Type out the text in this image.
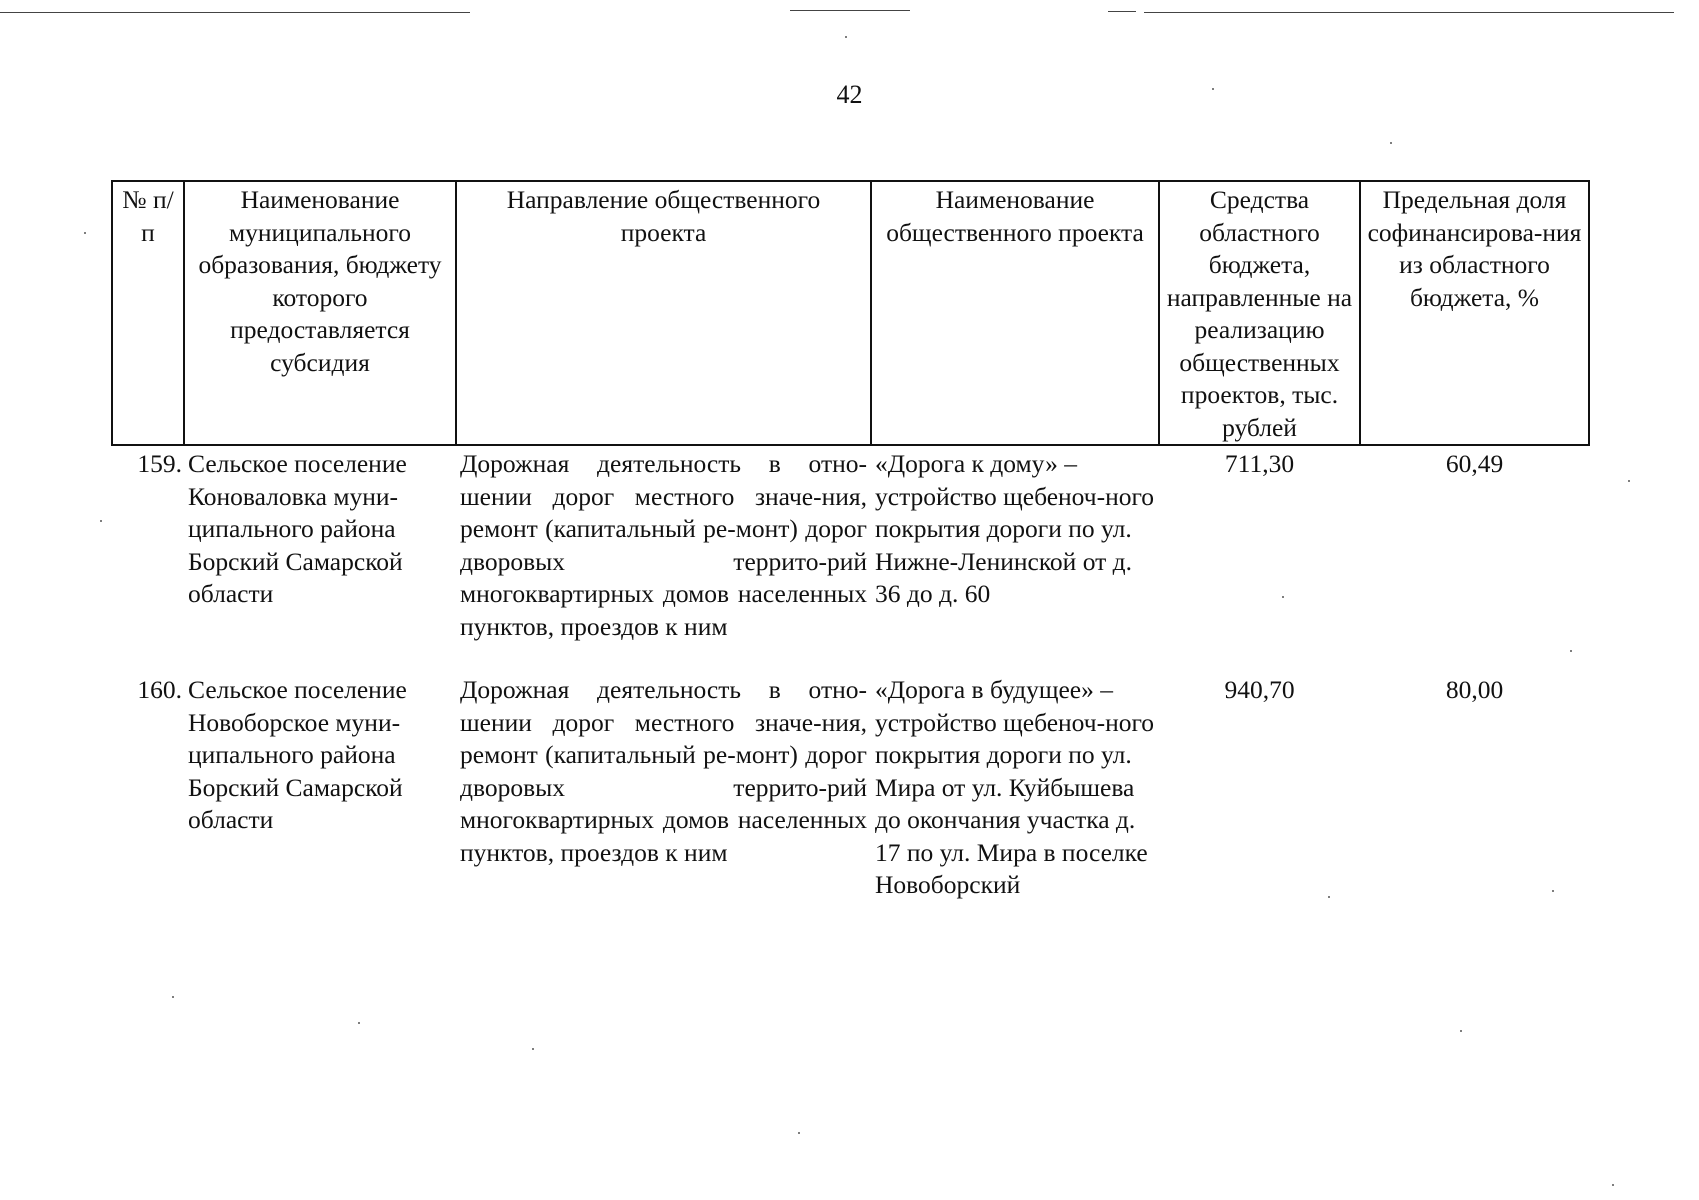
42
№ п/п	Наименование муниципального образования, бюджету которого предоставляется субсидия	Направление общественного проекта	Наименование общественного проекта	Средства областного бюджета, направленные на реализацию общественных проектов, тыс. рублей	Предельная доля софинансирова-ния из областного бюджета, %
159.	Сельское поселение Коноваловка муни-ципального района Борский Самарской области	Дорожная деятельность в отно-шении дорог местного значе-ния, ремонт (капитальный ре-монт) дорог дворовых террито-рий многоквартирных домов населенных пунктов, проездов к ним	«Дорога к дому» – устройство щебеноч-ного покрытия дороги по ул. Нижне-Ленинской от д. 36 до д. 60	711,30	60,49
160.	Сельское поселение Новоборское муни-ципального района Борский Самарской области	Дорожная деятельность в отно-шении дорог местного значе-ния, ремонт (капитальный ре-монт) дорог дворовых террито-рий многоквартирных домов населенных пунктов, проездов к ним	«Дорога в будущее» – устройство щебеноч-ного покрытия дороги по ул. Мира от ул. Куйбышева до окончания участка д. 17 по ул. Мира в поселке Новоборский	940,70	80,00
